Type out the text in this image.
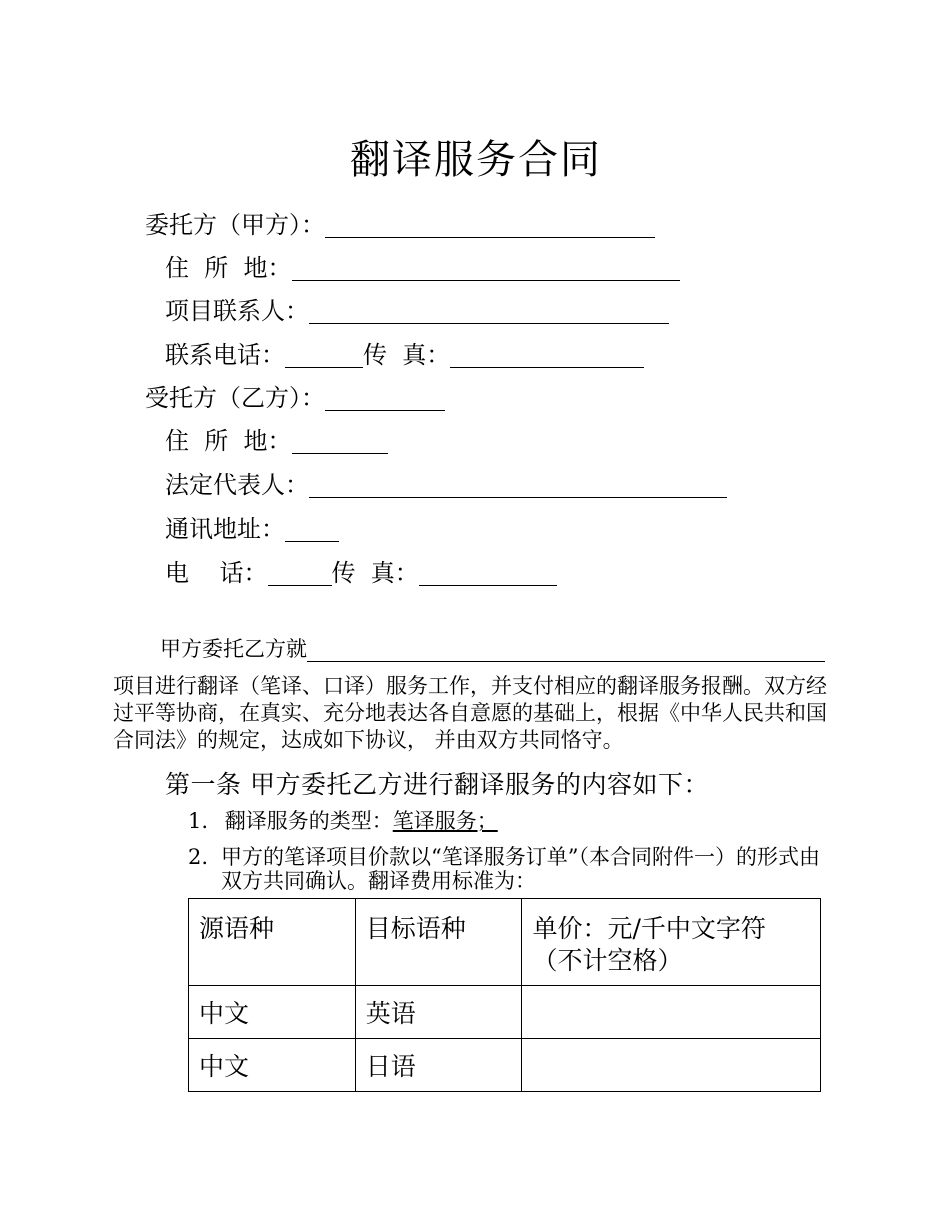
翻译服务合同
委托方（甲方）：
住  所  地：
项目联系人：
联系电话：	传  真：
受托方（乙方）：
住  所  地：
法定代表人：
通讯地址：
电    话：	传  真：
甲方委托乙方就
项目进行翻译（笔译、口译）服务工作，并支付相应的翻译服务报酬。双方经过平等协商，在真实、充分地表达各自意愿的基础上，根据《中华人民共和国合同法》的规定，达成如下协议， 并由双方共同恪守。
第一条 甲方委托乙方进行翻译服务的内容如下：
1. 翻译服务的类型：笔译服务；
2. 甲方的笔译项目价款以“笔译服务订单”（本合同附件一）的形式由双方共同确认。翻译费用标准为：
源语种	目标语种	单价：元/千中文字符（不计空格）
中文	英语	
中文	日语	
